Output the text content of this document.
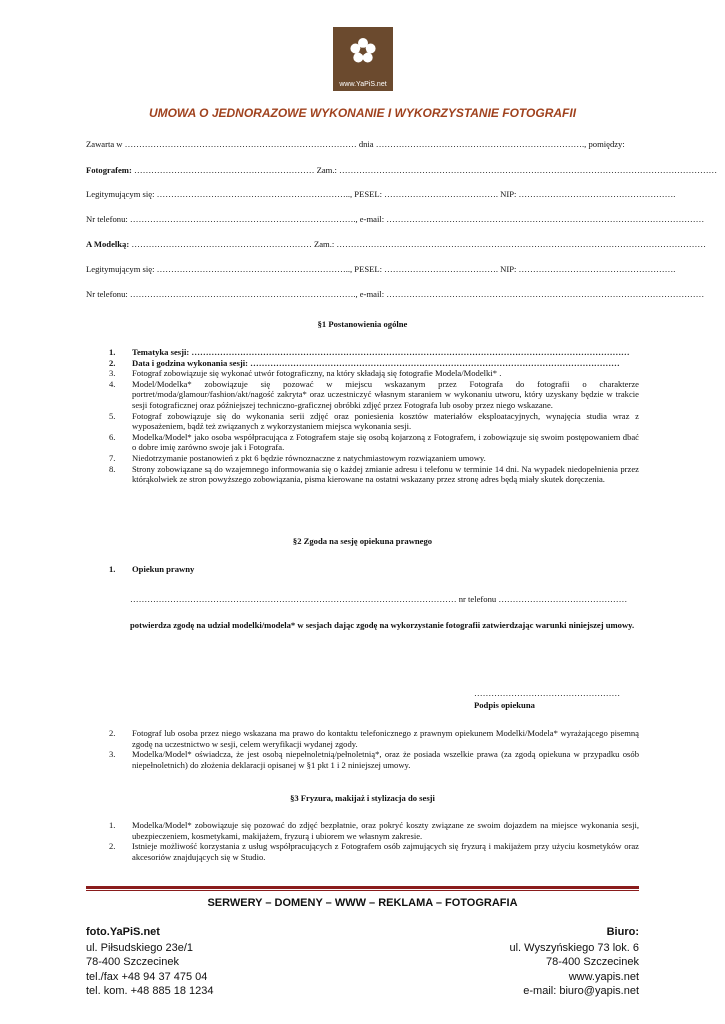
www.YaPiS.net
UMOWA O JEDNORAZOWE WYKONANIE I WYKORZYSTANIE FOTOGRAFII
Zawarta w ……………………………………………………………………… dnia ………………………………………………………………., pomiędzy:
Fotografem: ……………………………………………………… Zam.: ……………………………………………………………………………………………………………………
Legitymującym się: ………………………………………………………….., PESEL: …………………………………. NIP: ……………………………………………….
Nr telefonu: ……………………………………………………………………., e-mail: …………………………………………………………………………………………………
A Modelką: ……………………………………………………… Zam.: …………………………………………………………………………………………………………………
Legitymującym się: ………………………………………………………….., PESEL: …………………………………. NIP: ……………………………………………….
Nr telefonu: ……………………………………………………………………., e-mail: …………………………………………………………………………………………………
§1 Postanowienia ogólne
1.	Tematyka sesji: ………………………………………………………………………………………………………………………………………
2.	Data i godzina wykonania sesji: …………………………………………………………………………………………………………………
3.	Fotograf zobowiązuje się wykonać utwór fotograficzny, na który składają się fotografie Modela/Modelki* .
4.	Model/Modelka* zobowiązuje się pozować w miejscu wskazanym przez Fotografa do fotografii o charakterze portret/moda/glamour/fashion/akt/nagość zakryta* oraz uczestniczyć własnym staraniem w wykonaniu utworu, który uzyskany będzie w trakcie sesji fotograficznej oraz późniejszej techniczno-graficznej obróbki zdjęć przez Fotografa lub osoby przez niego wskazane.
5.	Fotograf zobowiązuje się do wykonania serii zdjęć oraz poniesienia kosztów materiałów eksploatacyjnych, wynajęcia studia wraz z wyposażeniem, bądź też związanych z wykorzystaniem miejsca wykonania sesji.
6.	Modelka/Model* jako osoba współpracująca z Fotografem staje się osobą kojarzoną z Fotografem, i zobowiązuje się swoim postępowaniem dbać o dobre imię zarówno swoje jak i Fotografa.
7.	Niedotrzymanie postanowień z pkt 6 będzie równoznaczne z natychmiastowym rozwiązaniem umowy.
8.	Strony zobowiązane są do wzajemnego informowania się o każdej zmianie adresu i telefonu w terminie 14 dni. Na wypadek niedopełnienia przez którąkolwiek ze stron powyższego zobowiązania, pisma kierowane na ostatni wskazany przez stronę adres będą miały skutek doręczenia.
§2 Zgoda na sesję opiekuna prawnego
1.	Opiekun prawny
…………………………………………………………………………………………………… nr telefonu ………………………………………
potwierdza zgodę na udział modelki/modela* w sesjach dając zgodę na wykorzystanie fotografii zatwierdzając warunki niniejszej umowy.
……………………………………………
Podpis opiekuna
2.	Fotograf lub osoba przez niego wskazana ma prawo do kontaktu telefonicznego z prawnym opiekunem Modelki/Modela* wyrażającego pisemną zgodę na uczestnictwo w sesji, celem weryfikacji wydanej zgody.
3.	Modelka/Model* oświadcza, że jest osobą niepełnoletnią/pełnoletnią*, oraz że posiada wszelkie prawa (za zgodą opiekuna w przypadku osób niepełnoletnich) do złożenia deklaracji opisanej w §1 pkt 1 i 2 niniejszej umowy.
§3 Fryzura, makijaż i stylizacja do sesji
1.	Modelka/Model* zobowiązuje się pozować do zdjęć bezpłatnie, oraz pokryć koszty związane ze swoim dojazdem na miejsce wykonania sesji, ubezpieczeniem, kosmetykami, makijażem, fryzurą i ubiorem we własnym zakresie.
2.	Istnieje możliwość korzystania z usług współpracujących z Fotografem osób zajmujących się fryzurą i makijażem przy użyciu kosmetyków oraz akcesoriów znajdujących się w Studio.
SERWERY – DOMENY – WWW – REKLAMA – FOTOGRAFIA
foto.YaPiS.net
ul. Piłsudskiego 23e/1
78-400 Szczecinek
tel./fax +48 94 37 475 04
tel. kom. +48 885 18 1234
Biuro:
ul. Wyszyńskiego 73 lok. 6
78-400 Szczecinek
www.yapis.net
e-mail: biuro@yapis.net
